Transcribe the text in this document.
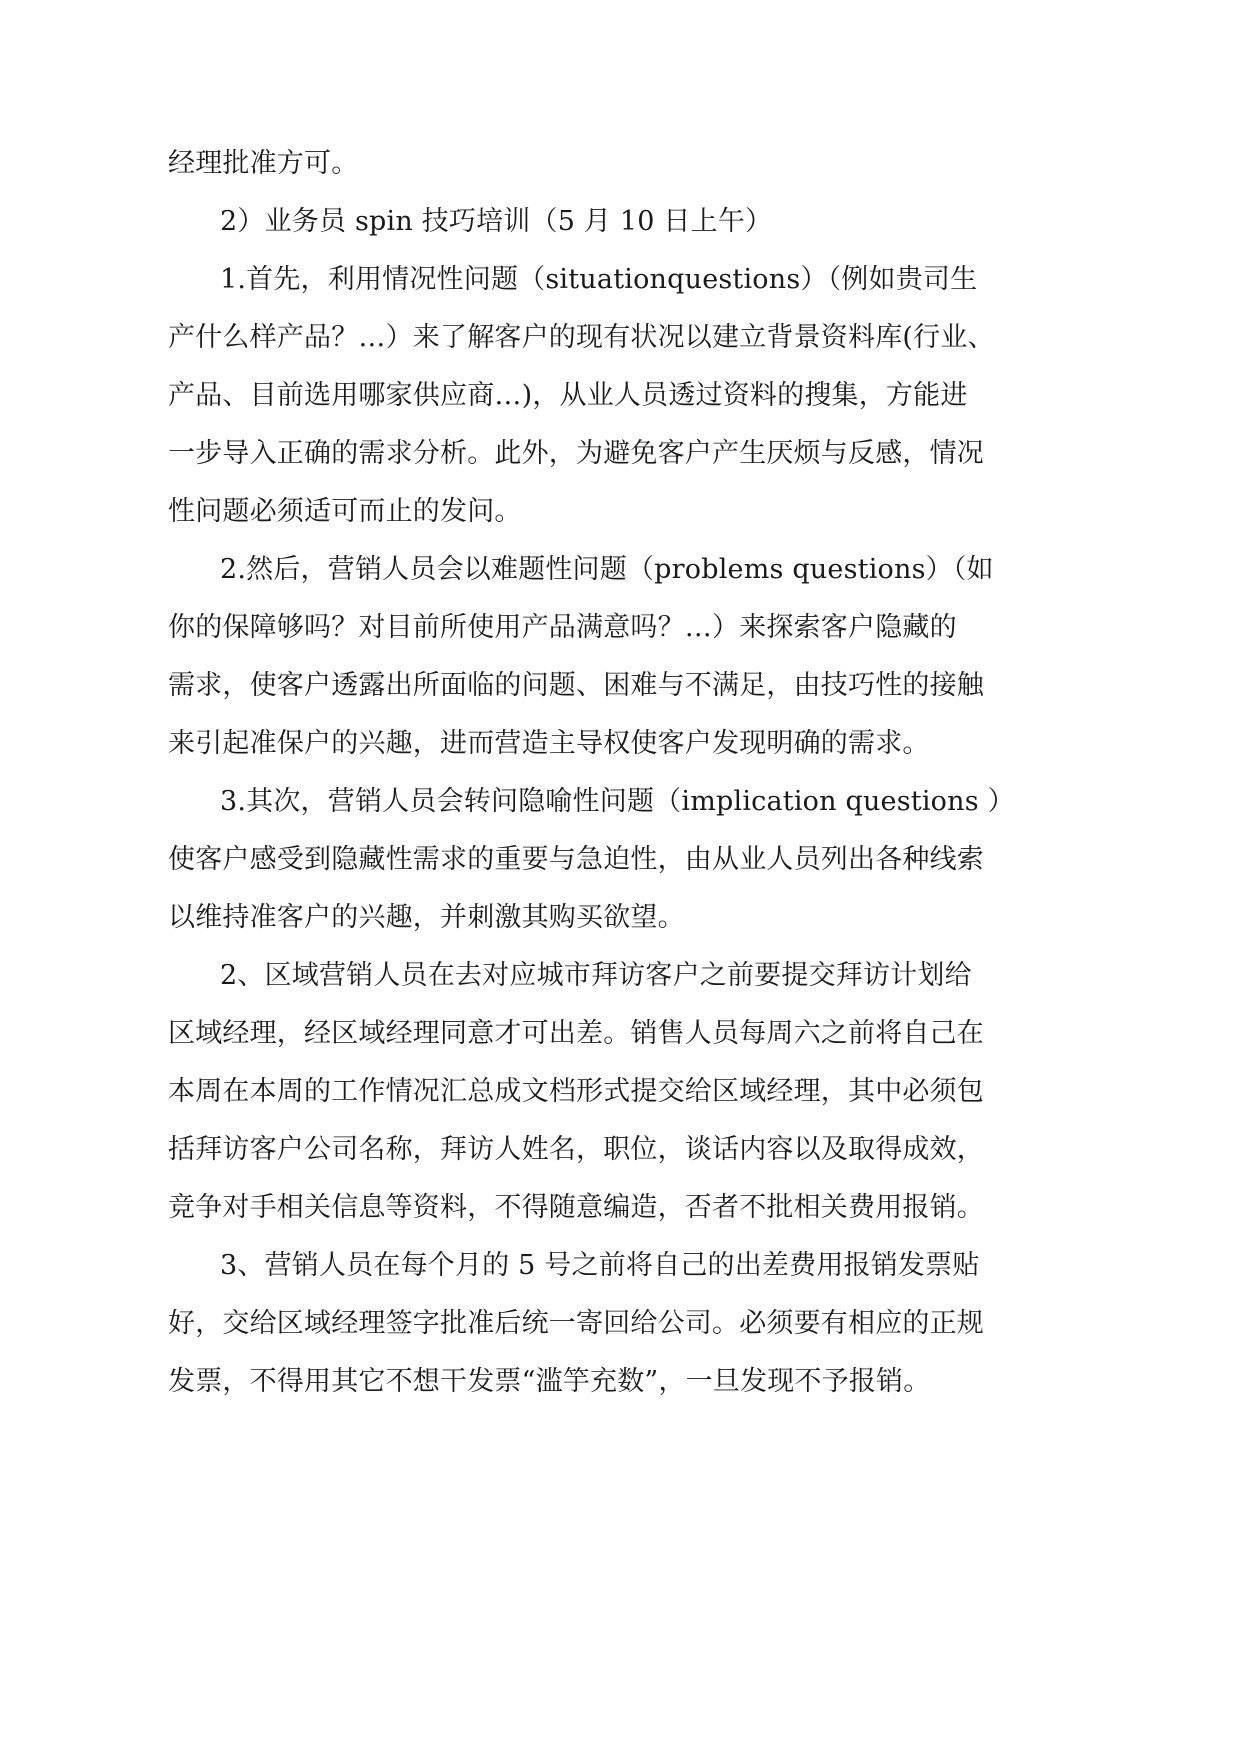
经理批准方可。
2）业务员 spin 技巧培训（5 月 10 日上午）
1.首先，利用情况性问题（situationquestions）（例如贵司生
产什么样产品？…）来了解客户的现有状况以建立背景资料库(行业、
产品、目前选用哪家供应商…)，从业人员透过资料的搜集，方能进
一步导入正确的需求分析。此外，为避免客户产生厌烦与反感，情况
性问题必须适可而止的发问。
2.然后，营销人员会以难题性问题（problems questions）（如
你的保障够吗？对目前所使用产品满意吗？…）来探索客户隐藏的
需求，使客户透露出所面临的问题、困难与不满足，由技巧性的接触
来引起准保户的兴趣，进而营造主导权使客户发现明确的需求。
3.其次，营销人员会转问隐喻性问题（implication questions ）
使客户感受到隐藏性需求的重要与急迫性，由从业人员列出各种线索
以维持准客户的兴趣，并刺激其购买欲望。
2、区域营销人员在去对应城市拜访客户之前要提交拜访计划给
区域经理，经区域经理同意才可出差。销售人员每周六之前将自己在
本周在本周的工作情况汇总成文档形式提交给区域经理，其中必须包
括拜访客户公司名称，拜访人姓名，职位，谈话内容以及取得成效，
竞争对手相关信息等资料，不得随意编造，否者不批相关费用报销。
3、营销人员在每个月的 5 号之前将自己的出差费用报销发票贴
好，交给区域经理签字批准后统一寄回给公司。必须要有相应的正规
发票，不得用其它不想干发票“滥竽充数”，一旦发现不予报销。
